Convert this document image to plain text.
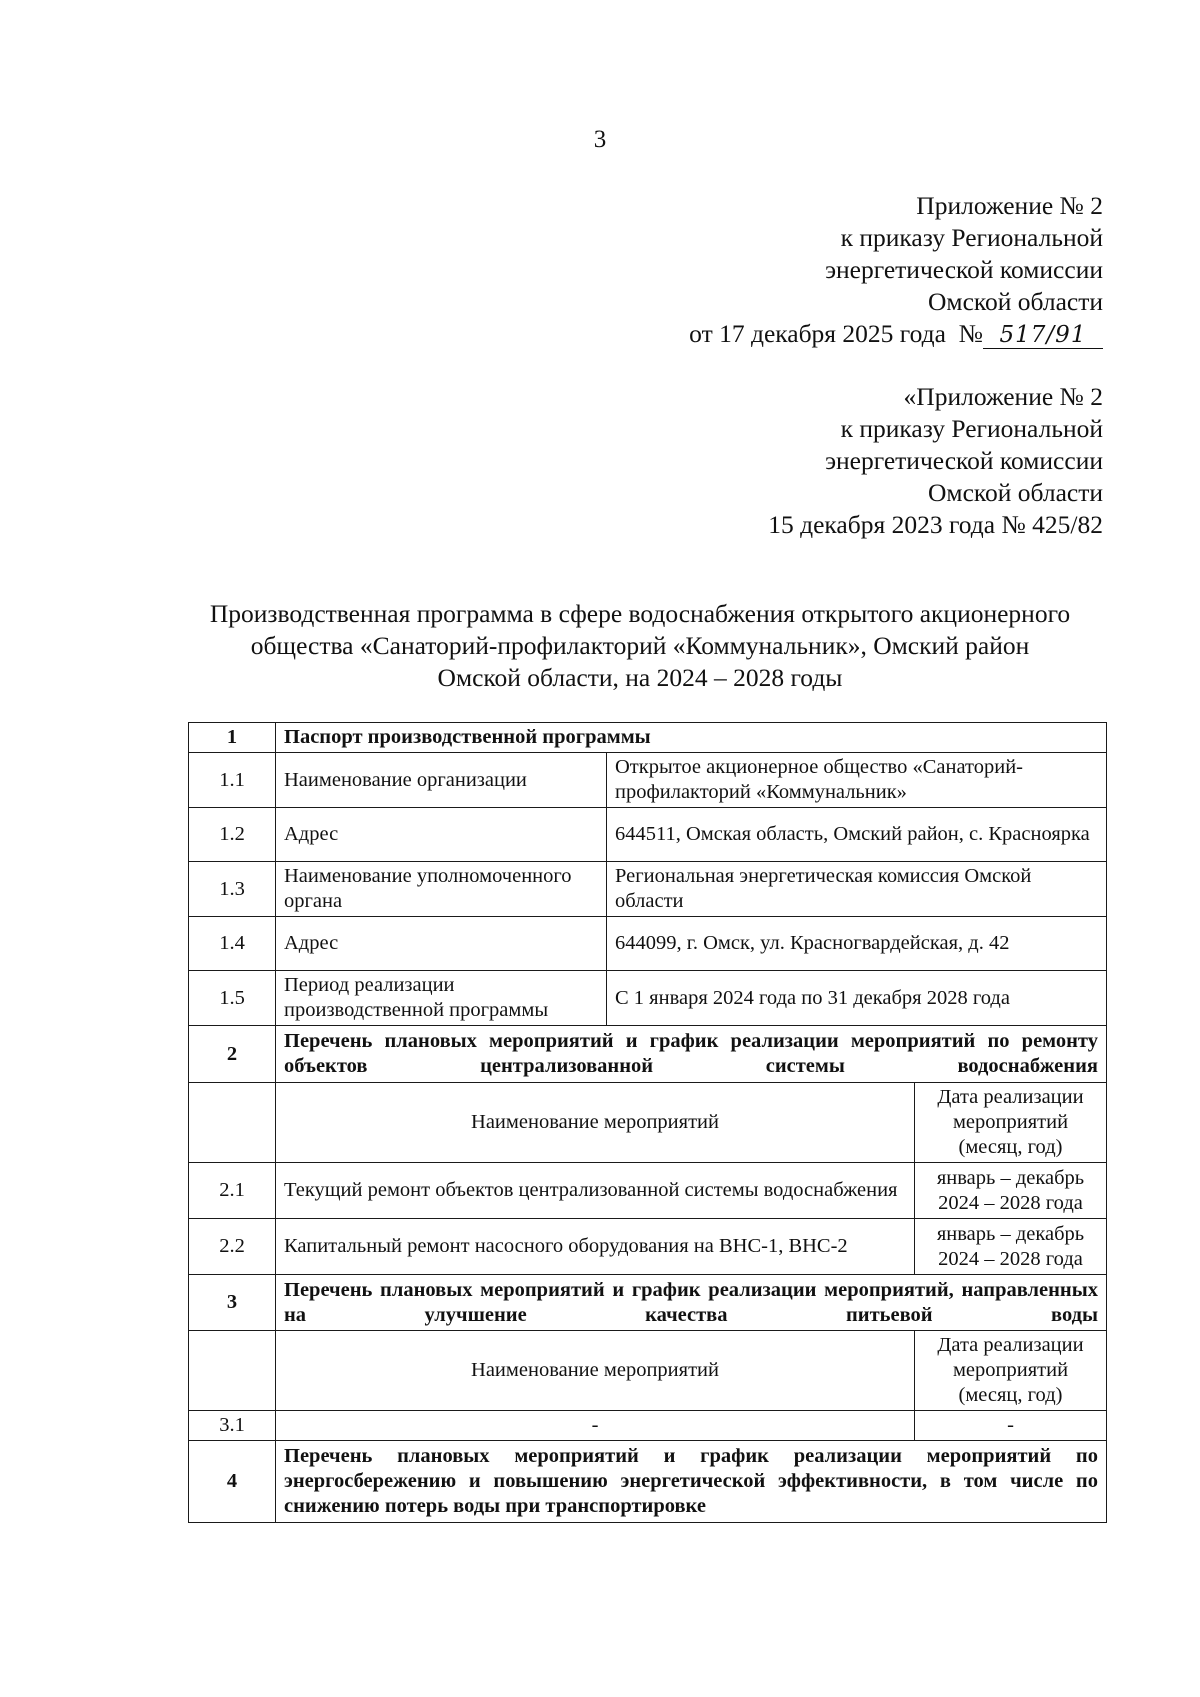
3
Приложение № 2
к приказу Региональной
энергетической комиссии
Омской области
от 17 декабря 2025 года  № 517/91
«Приложение № 2
к приказу Региональной
энергетической комиссии
Омской области
15 декабря 2023 года № 425/82
Производственная программа в сфере водоснабжения открытого акционерного
общества «Санаторий-профилакторий «Коммунальник», Омский район
Омской области, на 2024 – 2028 годы
1	Паспорт производственной программы		
1.1	Наименование организации	Открытое акционерное общество «Санаторий-профилакторий «Коммунальник»	
1.2	Адрес	644511, Омская область, Омский район, с. Красноярка	
1.3	Наименование уполномоченного органа	Региональная энергетическая комиссия Омской области	
1.4	Адрес	644099, г. Омск, ул. Красногвардейская, д. 42	
1.5	Период реализации производственной программы	С 1 января 2024 года по 31 декабря 2028 года	
2	Перечень плановых мероприятий и график реализации мероприятий по ремонту объектов централизованной системы водоснабжения		
	Наименование мероприятий		Дата реализации мероприятий (месяц, год)
2.1	Текущий ремонт объектов централизованной системы водоснабжения		январь – декабрь 2024 – 2028 года
2.2	Капитальный ремонт насосного оборудования на ВНС-1, ВНС-2		январь – декабрь 2024 – 2028 года
3	Перечень плановых мероприятий и график реализации мероприятий, направленных на улучшение качества питьевой воды		
	Наименование мероприятий		Дата реализации мероприятий (месяц, год)
3.1	-		-
4	Перечень плановых мероприятий и график реализации мероприятий по энергосбережению и повышению энергетической эффективности, в том числе по снижению потерь воды при транспортировке		
